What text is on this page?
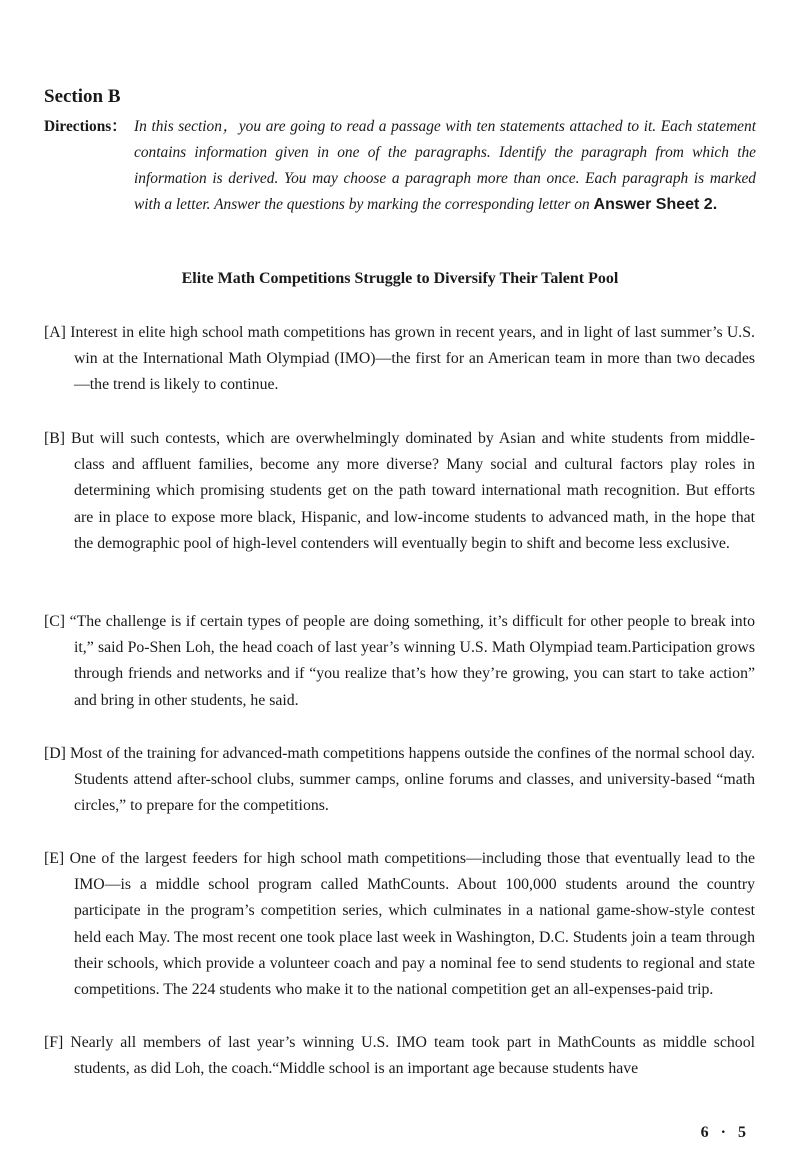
Section B
Directions： In this section，you are going to read a passage with ten statements attached to it. Each statement contains information given in one of the paragraphs. Identify the paragraph from which the information is derived. You may choose a paragraph more than once. Each paragraph is marked with a letter. Answer the questions by marking the corresponding letter on Answer Sheet 2.
Elite Math Competitions Struggle to Diversify Their Talent Pool

[A] Interest in elite high school math competitions has grown in recent years, and in light of last summer’s U.S. win at the International Math Olympiad (IMO)—the first for an American team in more than two decades—the trend is likely to continue.

[B] But will such contests, which are overwhelmingly dominated by Asian and white students from middle-class and affluent families, become any more diverse? Many social and cultural factors play roles in determining which promising students get on the path toward international math recognition. But efforts are in place to expose more black, Hispanic, and low-income students to advanced math, in the hope that the demographic pool of high-level contenders will eventually begin to shift and become less exclusive.

[C] “The challenge is if certain types of people are doing something, it’s difficult for other people to break into it,” said Po-Shen Loh, the head coach of last year’s winning U.S. Math Olympiad team.Participation grows through friends and networks and if “you realize that’s how they’re growing, you can start to take action” and bring in other students, he said.

[D] Most of the training for advanced-math competitions happens outside the confines of the normal school day. Students attend after-school clubs, summer camps, online forums and classes, and university-based “math circles,” to prepare for the competitions.

[E] One of the largest feeders for high school math competitions—including those that eventually lead to the IMO—is a middle school program called MathCounts. About 100,000 students around the country participate in the program’s competition series, which culminates in a national game-show-style contest held each May. The most recent one took place last week in Washington, D.C. Students join a team through their schools, which provide a volunteer coach and pay a nominal fee to send students to regional and state competitions. The 224 students who make it to the national competition get an all-expenses-paid trip.

[F] Nearly all members of last year’s winning U.S. IMO team took part in MathCounts as middle school students, as did Loh, the coach.“Middle school is an important age because students have

6 · 5
